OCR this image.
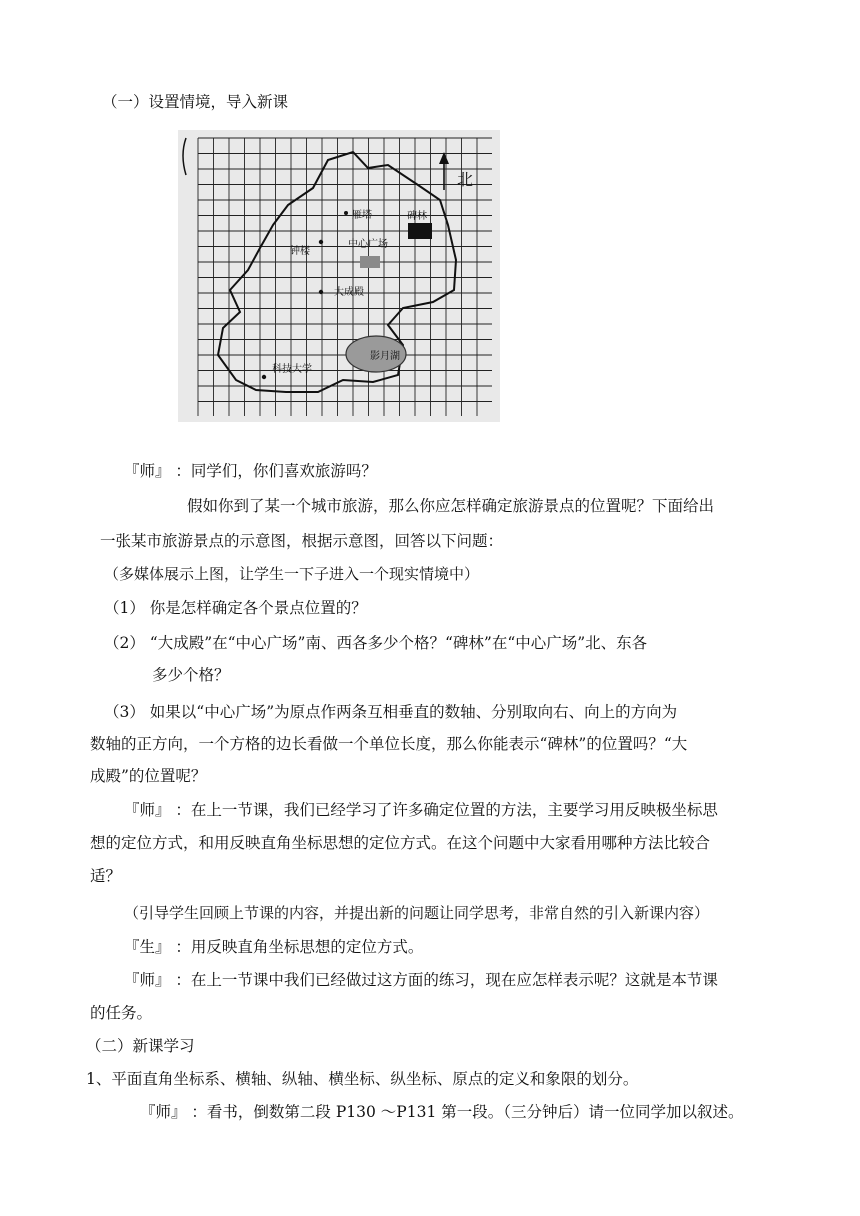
（一）设置情境，导入新课
雁塔	碑林
钟楼
中心广场
大成殿
影月湖
科技大学
北
『师』 ：同学们，你们喜欢旅游吗？
假如你到了某一个城市旅游，那么你应怎样确定旅游景点的位置呢？下面给出
一张某市旅游景点的示意图，根据示意图，回答以下问题：
（多媒体展示上图，让学生一下子进入一个现实情境中）
（1） 你是怎样确定各个景点位置的？
（2） “大成殿”在“中心广场”南、西各多少个格？“碑林”在“中心广场”北、东各
多少个格？
（3） 如果以“中心广场”为原点作两条互相垂直的数轴、分别取向右、向上的方向为
数轴的正方向，一个方格的边长看做一个单位长度，那么你能表示“碑林”的位置吗？“大
成殿”的位置呢？
『师』 ：在上一节课，我们已经学习了许多确定位置的方法，主要学习用反映极坐标思
想的定位方式，和用反映直角坐标思想的定位方式。在这个问题中大家看用哪种方法比较合
适？
（引导学生回顾上节课的内容，并提出新的问题让同学思考，非常自然的引入新课内容）
『生』 ：用反映直角坐标思想的定位方式。
『师』 ：在上一节课中我们已经做过这方面的练习，现在应怎样表示呢？这就是本节课
的任务。
（二）新课学习
1、平面直角坐标系、横轴、纵轴、横坐标、纵坐标、原点的定义和象限的划分。
『师』 ：看书，倒数第二段 P130 ～P131 第一段。（三分钟后）请一位同学加以叙述。
